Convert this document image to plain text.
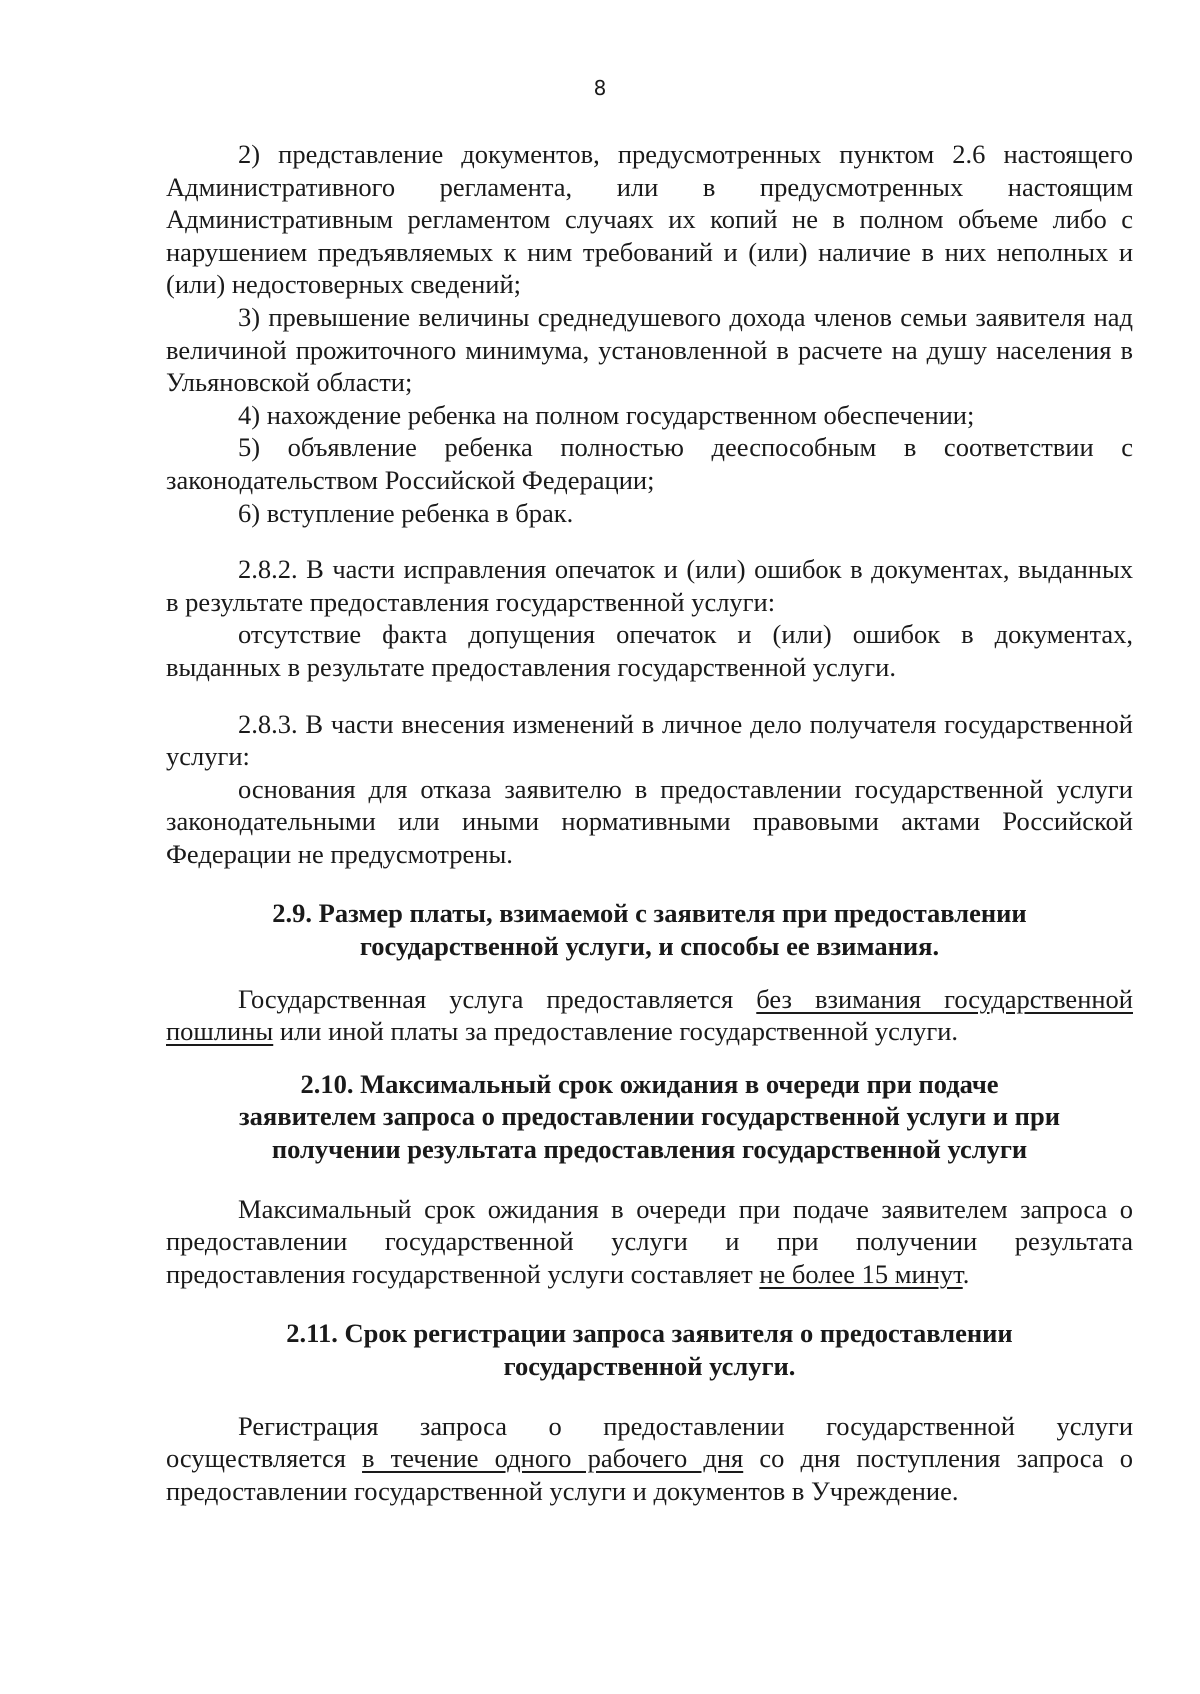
8

2) представление документов, предусмотренных пунктом 2.6 настоящего Административного регламента, или в предусмотренных настоящим Административным регламентом случаях их копий не в полном объеме либо с нарушением предъявляемых к ним требований и (или) наличие в них неполных и (или) недостоверных сведений;

3) превышение величины среднедушевого дохода членов семьи заявителя над величиной прожиточного минимума, установленной в расчете на душу населения в Ульяновской области;

4) нахождение ребенка на полном государственном обеспечении;

5) объявление ребенка полностью дееспособным в соответствии с законодательством Российской Федерации;

6) вступление ребенка в брак.

2.8.2. В части исправления опечаток и (или) ошибок в документах, выданных в результате предоставления государственной услуги:

отсутствие факта допущения опечаток и (или) ошибок в документах, выданных в результате предоставления государственной услуги.

2.8.3. В части внесения изменений в личное дело получателя государственной услуги:

основания для отказа заявителю в предоставлении государственной услуги законодательными или иными нормативными правовыми актами Российской Федерации не предусмотрены.

2.9. Размер платы, взимаемой с заявителя при предоставлении
государственной услуги, и способы ее взимания.

Государственная услуга предоставляется без взимания государственной пошлины или иной платы за предоставление государственной услуги.

2.10. Максимальный срок ожидания в очереди при подаче
заявителем запроса о предоставлении государственной услуги и при
получении результата предоставления государственной услуги

Максимальный срок ожидания в очереди при подаче заявителем запроса о предоставлении государственной услуги и при получении результата предоставления государственной услуги составляет не более 15 минут.

2.11. Срок регистрации запроса заявителя о предоставлении
государственной услуги.

Регистрация запроса о предоставлении государственной услуги осуществляется в течение одного рабочего дня со дня поступления запроса о предоставлении государственной услуги и документов в Учреждение.
